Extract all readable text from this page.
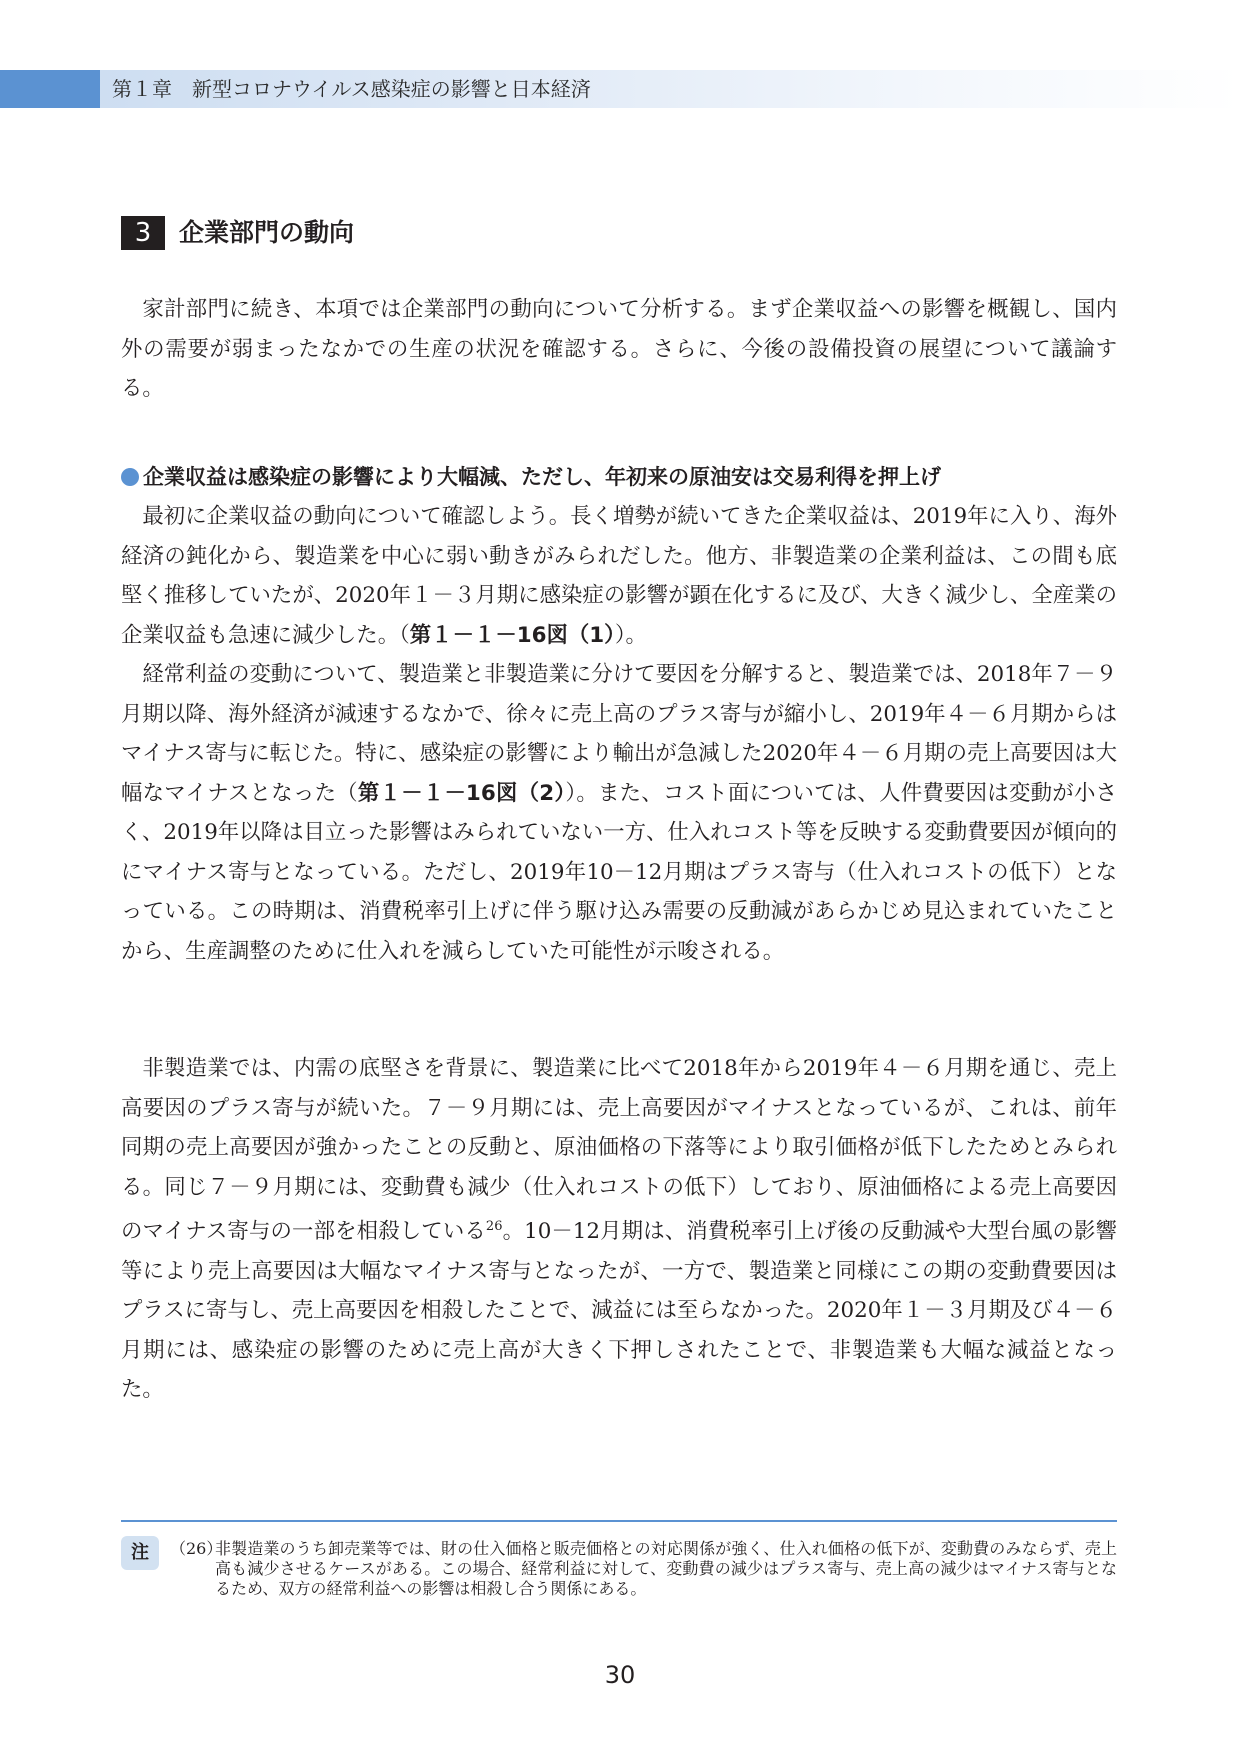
第１章　新型コロナウイルス感染症の影響と日本経済
3	企業部門の動向

家計部門に続き、本項では企業部門の動向について分析する。まず企業収益への影響を概観し、国内外の需要が弱まったなかでの生産の状況を確認する。さらに、今後の設備投資の展望について議論する。

企業収益は感染症の影響により大幅減、ただし、年初来の原油安は交易利得を押上げ

最初に企業収益の動向について確認しよう。長く増勢が続いてきた企業収益は、2019年に入り、海外経済の鈍化から、製造業を中心に弱い動きがみられだした。他方、非製造業の企業利益は、この間も底堅く推移していたが、2020年１－３月期に感染症の影響が顕在化するに及び、大きく減少し、全産業の企業収益も急速に減少した。（第１－１－16図（1））。

経常利益の変動について、製造業と非製造業に分けて要因を分解すると、製造業では、2018年７－９月期以降、海外経済が減速するなかで、徐々に売上高のプラス寄与が縮小し、2019年４－６月期からはマイナス寄与に転じた。特に、感染症の影響により輸出が急減した2020年４－６月期の売上高要因は大幅なマイナスとなった（第１－１－16図（2））。また、コスト面については、人件費要因は変動が小さく、2019年以降は目立った影響はみられていない一方、仕入れコスト等を反映する変動費要因が傾向的にマイナス寄与となっている。ただし、2019年10－12月期はプラス寄与（仕入れコストの低下）となっている。この時期は、消費税率引上げに伴う駆け込み需要の反動減があらかじめ見込まれていたことから、生産調整のために仕入れを減らしていた可能性が示唆される。

非製造業では、内需の底堅さを背景に、製造業に比べて2018年から2019年４－６月期を通じ、売上高要因のプラス寄与が続いた。７－９月期には、売上高要因がマイナスとなっているが、これは、前年同期の売上高要因が強かったことの反動と、原油価格の下落等により取引価格が低下したためとみられる。同じ７－９月期には、変動費も減少（仕入れコストの低下）しており、原油価格による売上高要因のマイナス寄与の一部を相殺している$^{26}$。10－12月期は、消費税率引上げ後の反動減や大型台風の影響等により売上高要因は大幅なマイナス寄与となったが、一方で、製造業と同様にこの期の変動費要因はプラスに寄与し、売上高要因を相殺したことで、減益には至らなかった。2020年１－３月期及び４－６月期には、感染症の影響のために売上高が大きく下押しされたことで、非製造業も大幅な減益となった。

注	（26）

非製造業のうち卸売業等では、財の仕入価格と販売価格との対応関係が強く、仕入れ価格の低下が、変動費のみならず、売上高も減少させるケースがある。この場合、経常利益に対して、変動費の減少はプラス寄与、売上高の減少はマイナス寄与となるため、双方の経常利益への影響は相殺し合う関係にある。

30
